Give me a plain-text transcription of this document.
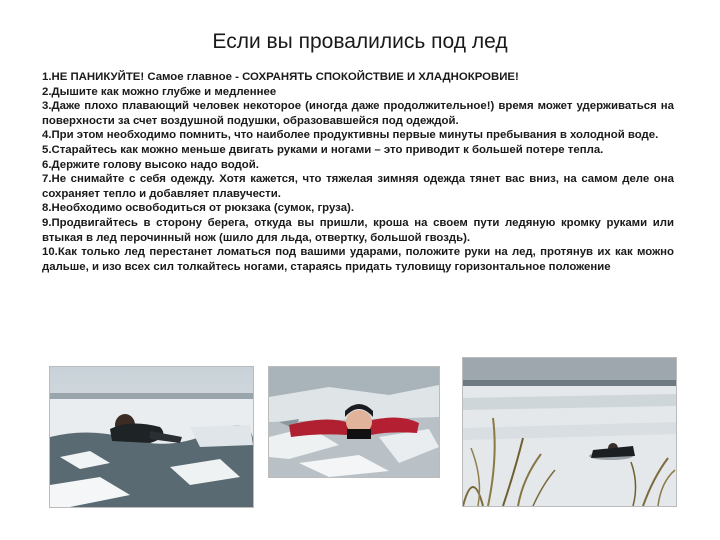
Если вы провалились под лед

1.НЕ ПАНИКУЙТЕ! Самое главное - СОХРАНЯТЬ СПОКОЙСТВИЕ И ХЛАДНОКРОВИЕ!

2.Дышите как можно глубже и медленнее

3.Даже плохо плавающий человек некоторое (иногда даже продолжительное!) время может удерживаться на поверхности за счет воздушной подушки, образовавшейся под одеждой.

4.При этом необходимо помнить, что наиболее продуктивны первые минуты пребывания в холодной воде.

5.Старайтесь как можно меньше двигать руками и ногами – это приводит к большей потере тепла.

6.Держите голову высоко надо водой.

7.Не снимайте с себя одежду. Хотя кажется, что тяжелая зимняя одежда тянет вас вниз, на самом деле она сохраняет тепло и добавляет плавучести.

8.Необходимо освободиться от рюкзака (сумок, груза).

9.Продвигайтесь в сторону берега, откуда вы пришли, кроша на своем пути ледяную кромку руками или втыкая в лед перочинный нож (шило для льда, отвертку, большой гвоздь).

10.Как только лед перестанет ломаться под вашими ударами, положите руки на лед, протянув их как можно дальше, и изо всех сил толкайтесь ногами, стараясь придать туловищу горизонтальное положение
